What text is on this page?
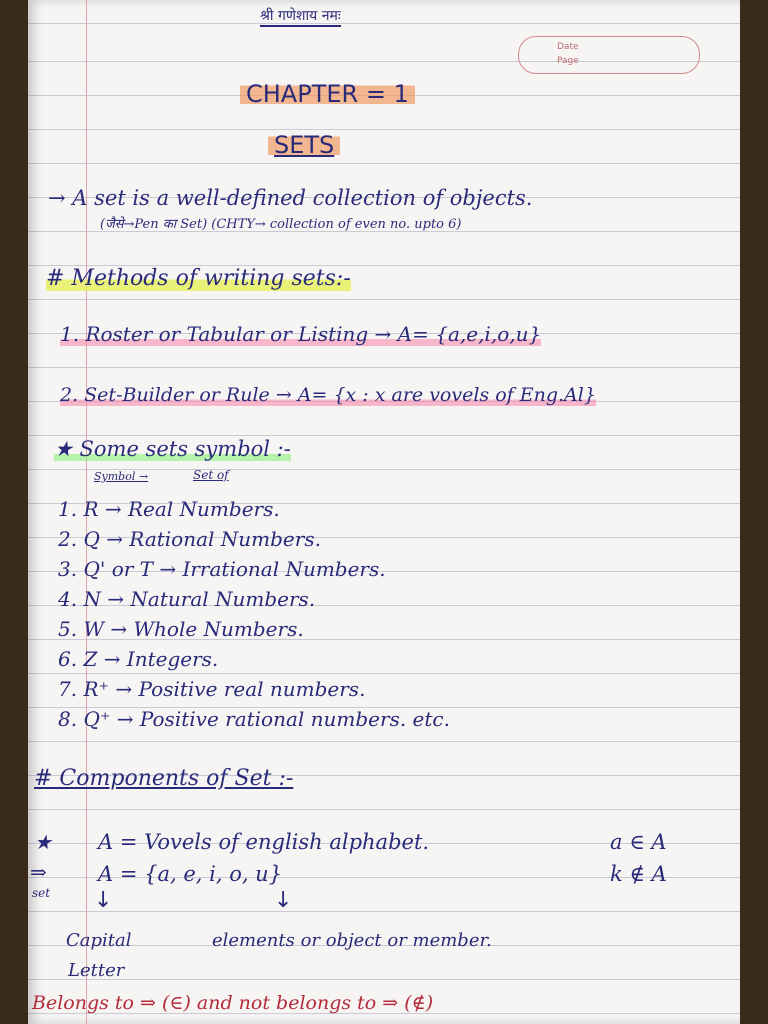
श्री गणेशाय नमः
Date
Page
CHAPTER = 1
SETS
→ A set is a well-defined collection of objects.
(जैसे→Pen का Set) (CHTY→ collection of even no. upto 6)
# Methods of writing sets:-
1. Roster or Tabular or Listing → A= {a,e,i,o,u}
2. Set-Builder or Rule → A= {x : x are vovels of Eng.Al}
★ Some sets symbol :-
Symbol →	Set of
1. R → Real Numbers.
2. Q → Rational Numbers.
3. Q' or T → Irrational Numbers.
4. N → Natural Numbers.
5. W → Whole Numbers.
6. Z → Integers.
7. R⁺ → Positive real numbers.
8. Q⁺ → Positive rational numbers. etc.
# Components of Set :-
★ A = Vovels of english alphabet.	a ∈ A
⇒
set
A = {a, e, i, o, u}	k ∉ A
↓	↓
Capital
Letter
elements or object or member.
Belongs to ⇒ (∈) and not belongs to ⇒ (∉)
